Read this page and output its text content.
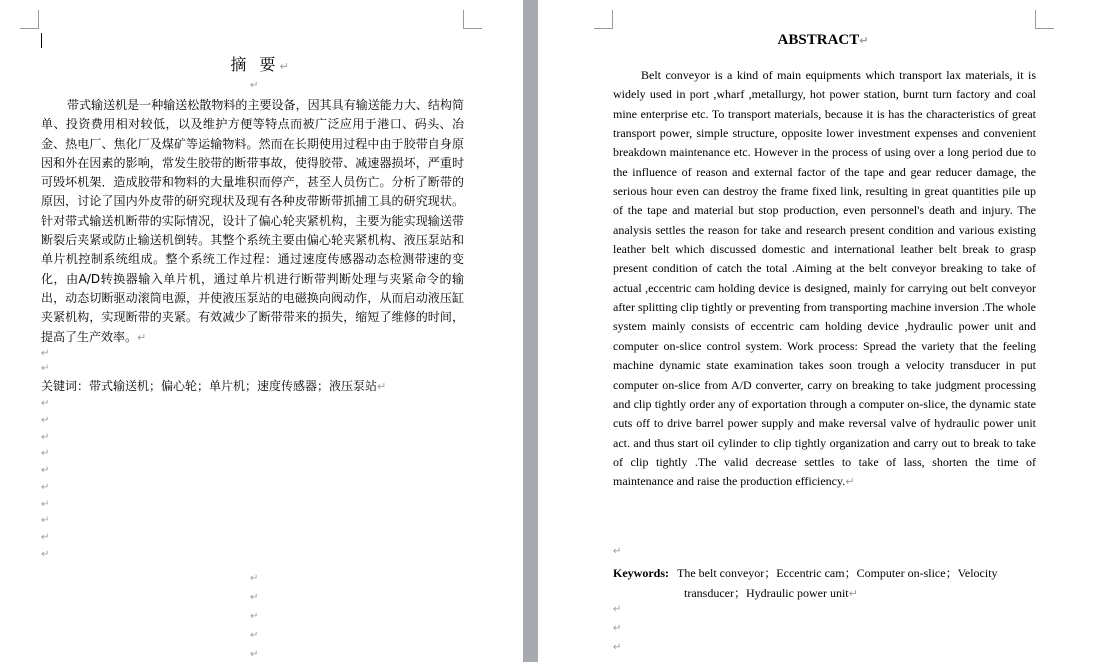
摘 要↵
↵

带式输送机是一种输送松散物料的主要设备，因其具有输送能力大、结构简单、投资费用相对较低，以及维护方便等特点而被广泛应用于港口、码头、冶金、热电厂、焦化厂及煤矿等运输物料。然而在长期使用过程中由于胶带自身原因和外在因素的影响，常发生胶带的断带事故，使得胶带、减速器损坏，严重时可毁坏机架．造成胶带和物料的大量堆积而停产，甚至人员伤亡。分析了断带的原因，讨论了国内外皮带的研究现状及现有各种皮带断带抓捕工具的研究现状。针对带式输送机断带的实际情况，设计了偏心轮夹紧机构，主要为能实现输送带断裂后夹紧或防止输送机倒转。其整个系统主要由偏心轮夹紧机构、液压泵站和单片机控制系统组成。整个系统工作过程：通过速度传感器动态检测带速的变化，由A/D转换器输入单片机，通过单片机进行断带判断处理与夹紧命令的输出，动态切断驱动滚筒电源，并使液压泵站的电磁换向阀动作，从而启动液压缸夹紧机构，实现断带的夹紧。有效减少了断带带来的损失，缩短了维修的时间，提高了生产效率。↵

↵
↵

关键词：带式输送机；偏心轮；单片机；速度传感器；液压泵站↵

↵
↵
↵
↵
↵
↵
↵
↵
↵
↵
↵
↵
↵
↵
↵
ABSTRACT↵

Belt conveyor is a kind of main equipments which transport lax materials, it is widely used in port ,wharf ,metallurgy, hot power station, burnt turn factory and coal mine enterprise etc. To transport materials, because it is has the characteristics of great transport power, simple structure, opposite lower investment expenses and convenient breakdown maintenance etc. However in the process of using over a long period due to the influence of reason and external factor of the tape and gear reducer damage, the serious hour even can destroy the frame fixed link, resulting in great quantities pile up of the tape and material but stop production, even personnel's death and injury. The analysis settles the reason for take and research present condition and various existing leather belt which discussed domestic and international leather belt break to grasp present condition of catch the total .Aiming at the belt conveyor breaking to take of actual ,eccentric cam holding device is designed, mainly for carrying out belt conveyor after splitting clip tightly or preventing from transporting machine inversion .The whole system mainly consists of eccentric cam holding device ,hydraulic power unit and computer on-slice control system. Work process: Spread the variety that the feeling machine dynamic state examination takes soon trough a velocity transducer in put computer on-slice from A/D converter, carry on breaking to take judgment processing and clip tightly order any of exportation through a computer on-slice, the dynamic state cuts off to drive barrel power supply and make reversal valve of hydraulic power unit act. and thus start oil cylinder to clip tightly organization and carry out to break to take of clip tightly .The valid decrease settles to take of lass, shorten the time of maintenance and raise the production efficiency.↵

↵

Keywords: The belt conveyor；Eccentric cam；Computer on-slice；Velocity
transducer；Hydraulic power unit↵

↵
↵
↵
